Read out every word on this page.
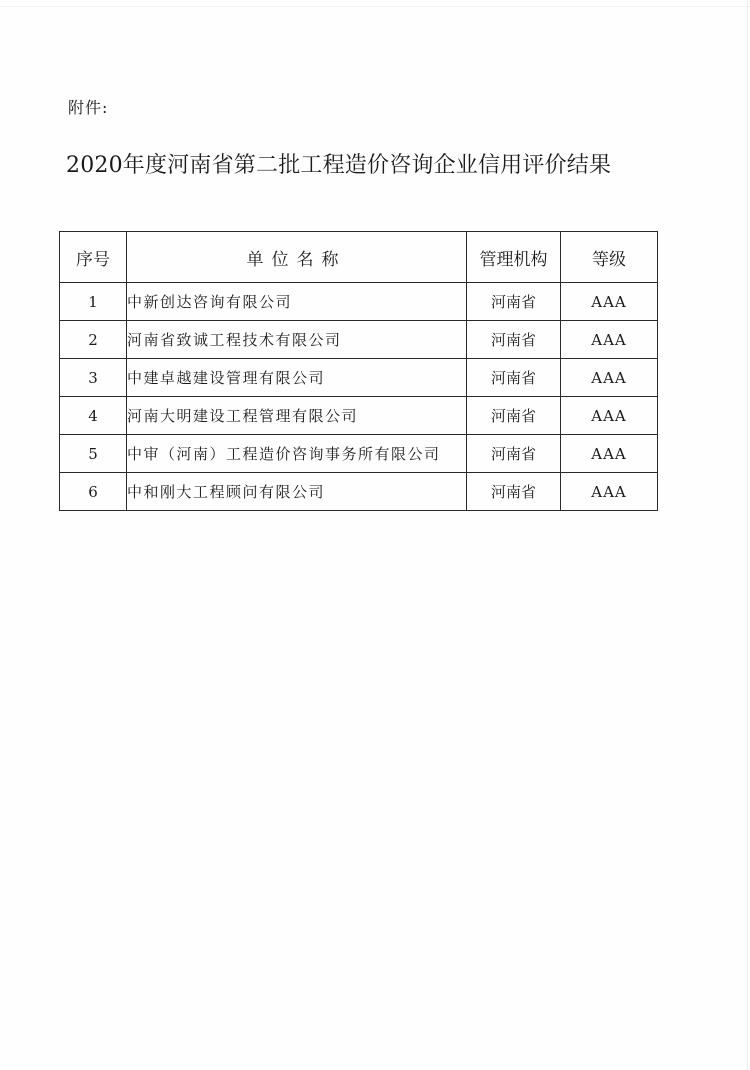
附件:
2020年度河南省第二批工程造价咨询企业信用评价结果
序号	单位名称	管理机构	等级
1	中新创达咨询有限公司	河南省	AAA
2	河南省致诚工程技术有限公司	河南省	AAA
3	中建卓越建设管理有限公司	河南省	AAA
4	河南大明建设工程管理有限公司	河南省	AAA
5	中审（河南）工程造价咨询事务所有限公司	河南省	AAA
6	中和刚大工程顾问有限公司	河南省	AAA
